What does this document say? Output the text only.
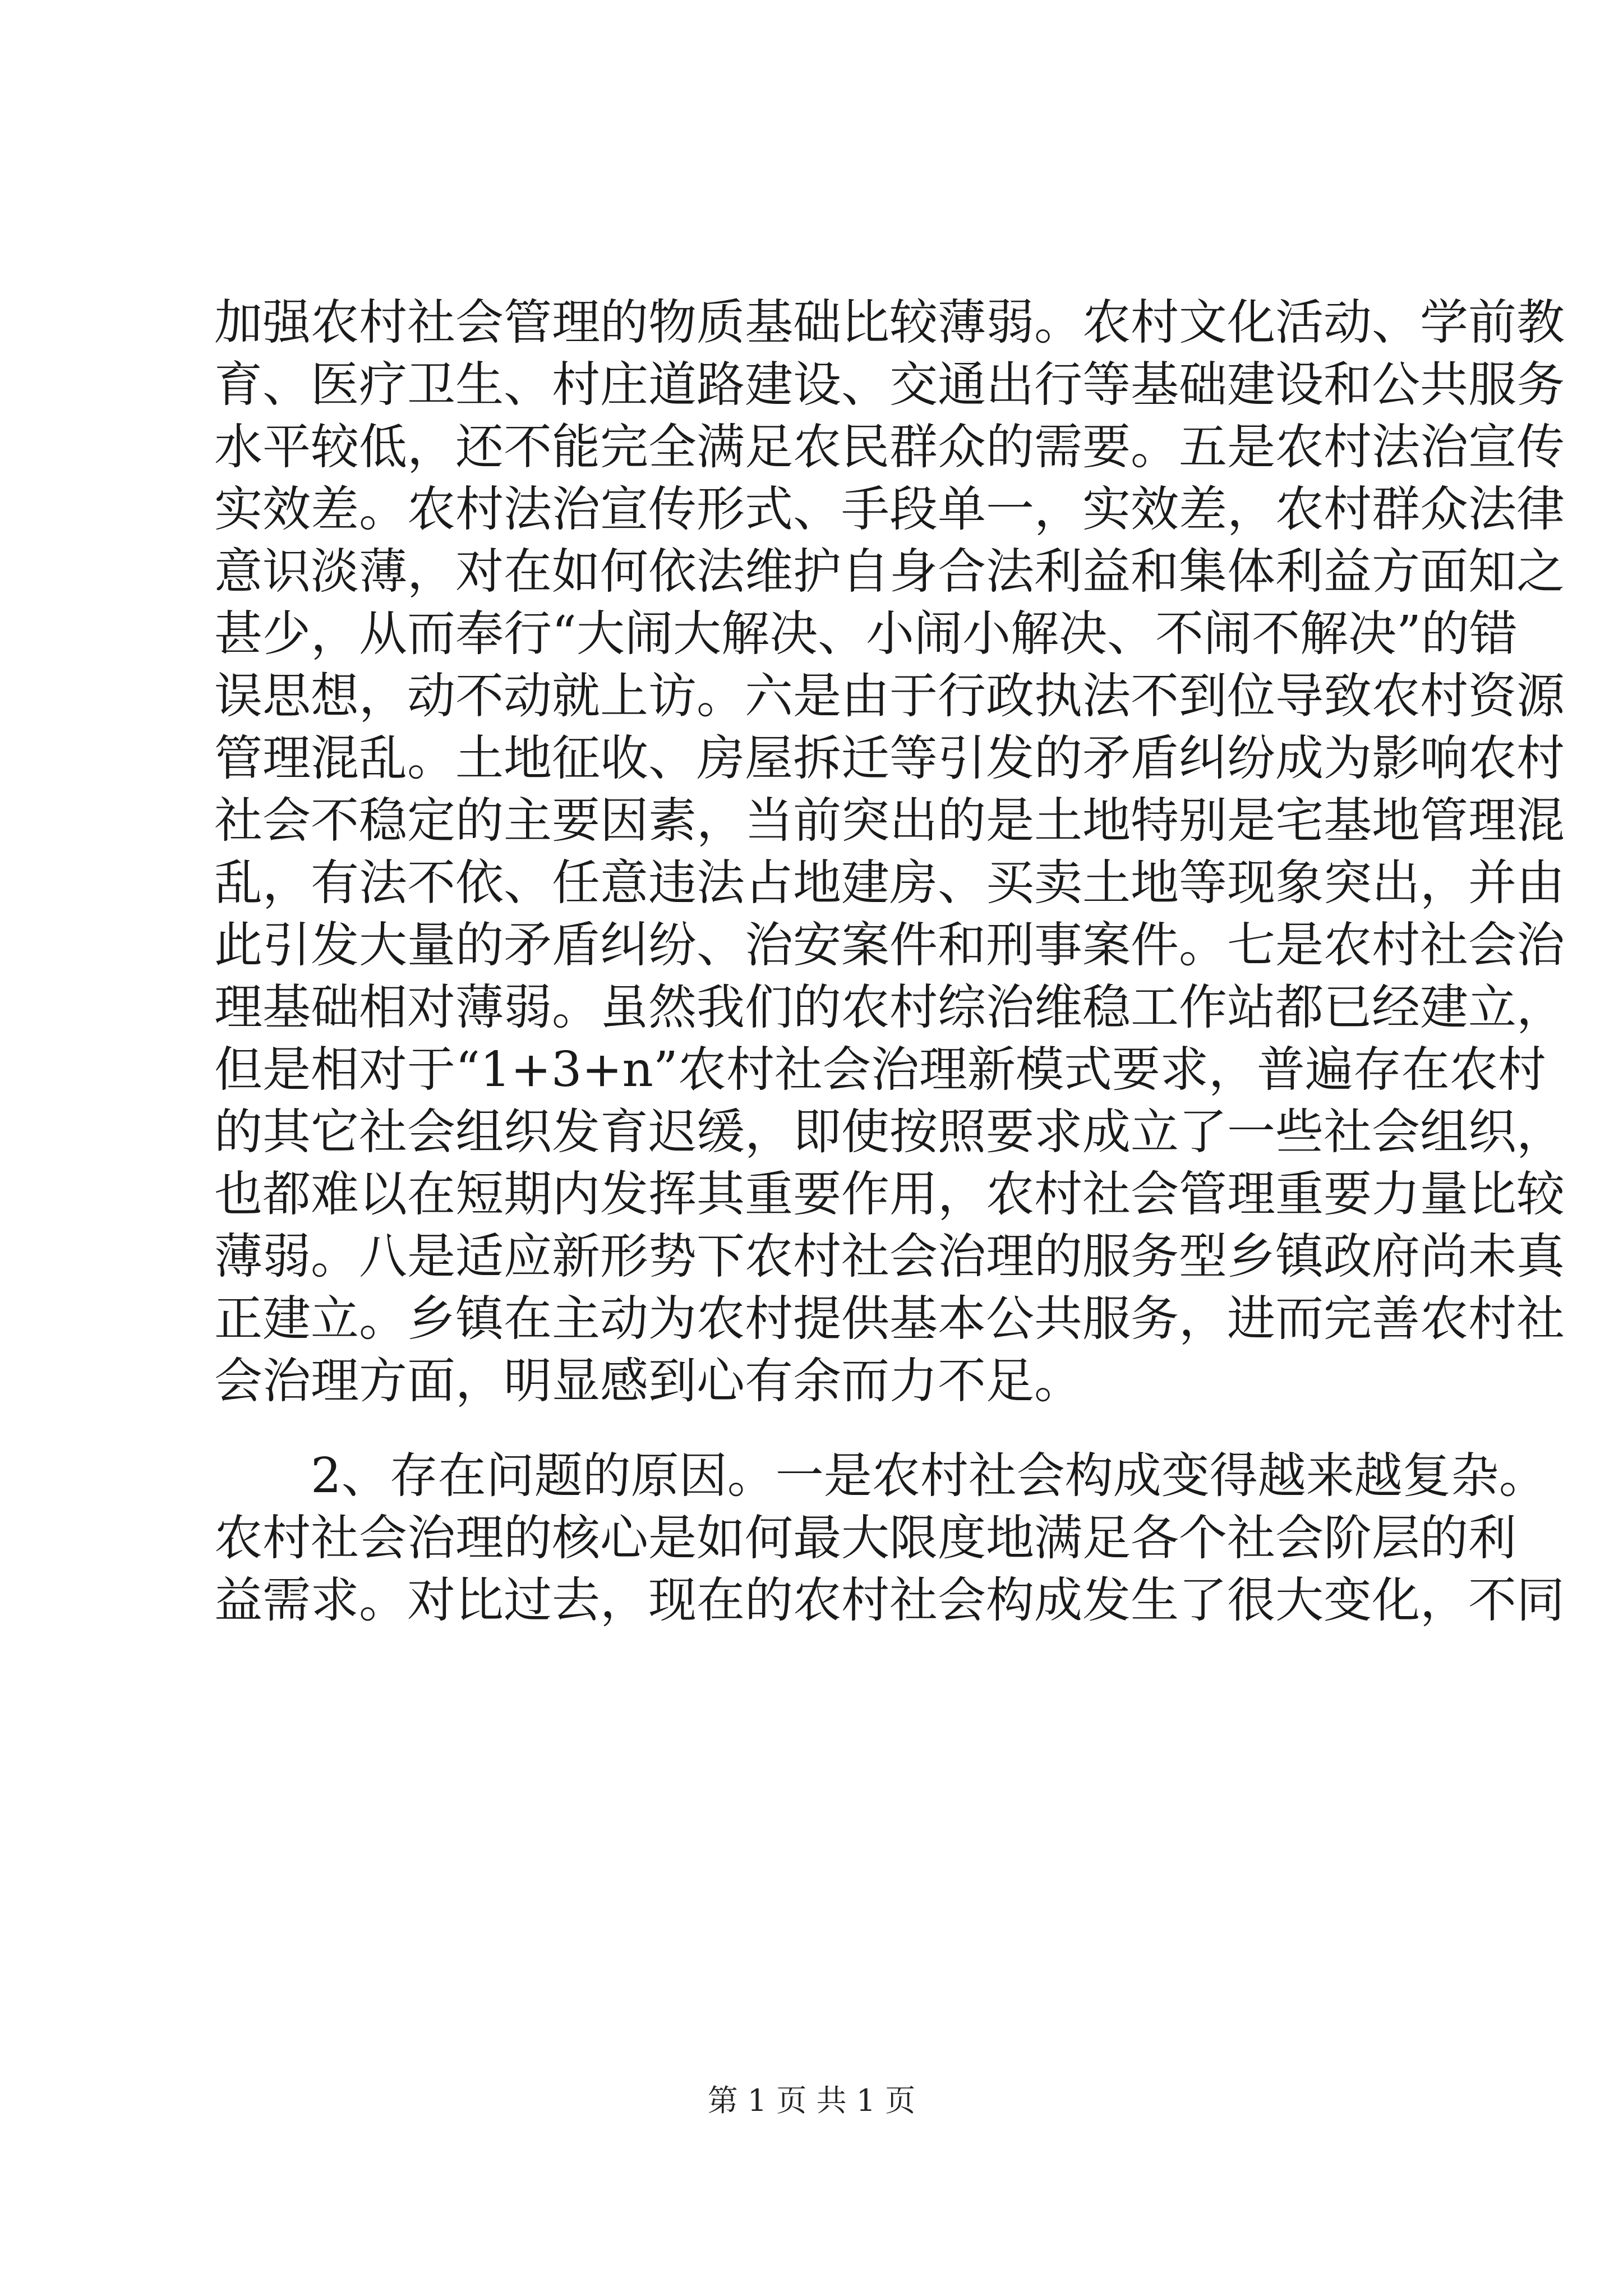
加强农村社会管理的物质基础比较薄弱。农村文化活动、学前教
育、医疗卫生、村庄道路建设、交通出行等基础建设和公共服务
水平较低，还不能完全满足农民群众的需要。五是农村法治宣传
实效差。农村法治宣传形式、手段单一，实效差，农村群众法律
意识淡薄，对在如何依法维护自身合法利益和集体利益方面知之
甚少，从而奉行“大闹大解决、小闹小解决、不闹不解决”的错
误思想，动不动就上访。六是由于行政执法不到位导致农村资源
管理混乱。土地征收、房屋拆迁等引发的矛盾纠纷成为影响农村
社会不稳定的主要因素，当前突出的是土地特别是宅基地管理混
乱，有法不依、任意违法占地建房、买卖土地等现象突出，并由
此引发大量的矛盾纠纷、治安案件和刑事案件。七是农村社会治
理基础相对薄弱。虽然我们的农村综治维稳工作站都已经建立，
但是相对于“1+3+n”农村社会治理新模式要求，普遍存在农村
的其它社会组织发育迟缓，即使按照要求成立了一些社会组织，
也都难以在短期内发挥其重要作用，农村社会管理重要力量比较
薄弱。八是适应新形势下农村社会治理的服务型乡镇政府尚未真
正建立。乡镇在主动为农村提供基本公共服务，进而完善农村社
会治理方面，明显感到心有余而力不足。
　　2、存在问题的原因。一是农村社会构成变得越来越复杂。
农村社会治理的核心是如何最大限度地满足各个社会阶层的利
益需求。对比过去，现在的农村社会构成发生了很大变化，不同
第 1 页 共 1 页
